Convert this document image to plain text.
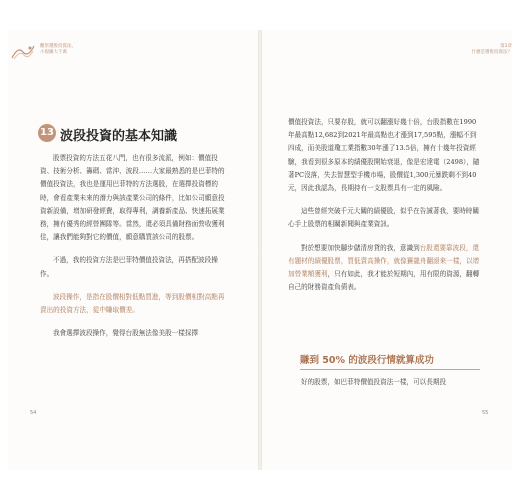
觀察選股投資法，
小現賺大千萬
第1章
什麼是選股投資法？
13 波段投資的基本知識

股票投資的方法五花八門，也有很多流派，例如：價值投資、技術分析、籌碼、當沖、波段……大家最熟悉的是巴菲特的價值投資法，我也是運用巴菲特的方法選股，在選擇投資標的時，會看產業未來的潛力與該產業公司的條件，比如公司願意投資新設備，增加研發經費，取得專利，調養新產品、快速拓展業務，擁有優秀的經營團隊等。當然，還必須具備財務面營收獲利佳，讓我們能夠對它的價值，願意購買該公司的股票。

不過，我的投資方法是巴菲特價值投資法，再搭配波段操作。

波段操作，是指在股價相對低點買進，等到股價相對高點再賣出的投資方法，從中賺取價差。

我會選擇波段操作，覺得台股無法像美股一樣採擇

價值投資法，只要存股，就可以翻漲好幾十倍，台股指數在1990年最高點12,682到2021年最高點也才漲到17,595點，漲幅不到四成，而美股道瓊工業指數30年漲了13.5倍，擁有十幾年投資經驗，我看到很多原本的績優股開始衰退，像是宏達電（2498），隨著PC沒落，失去智慧型手機市場，股價從1,300元暴跌剩不到40元，因此我認為，長期持有一支股票具有一定的風險。

這些曾經突破千元大關的績優股，似乎在告誡著我，要時時關心手上股票的相關新聞與產業資訊。

對於想要加快腳步儲清房貸的我，意識到台股還要靠波段，還有題材的績優股票，買低賣高操作，就像賽龍舟翻滾來一樣，以增加營業額獲利，只有如此，我才能於短期內，用有限的資源，翻轉自己的財務資產負債表。

賺到 50% 的波段行情就算成功

好的股票，如巴菲特價值投資法一樣，可以長期投

54	55
